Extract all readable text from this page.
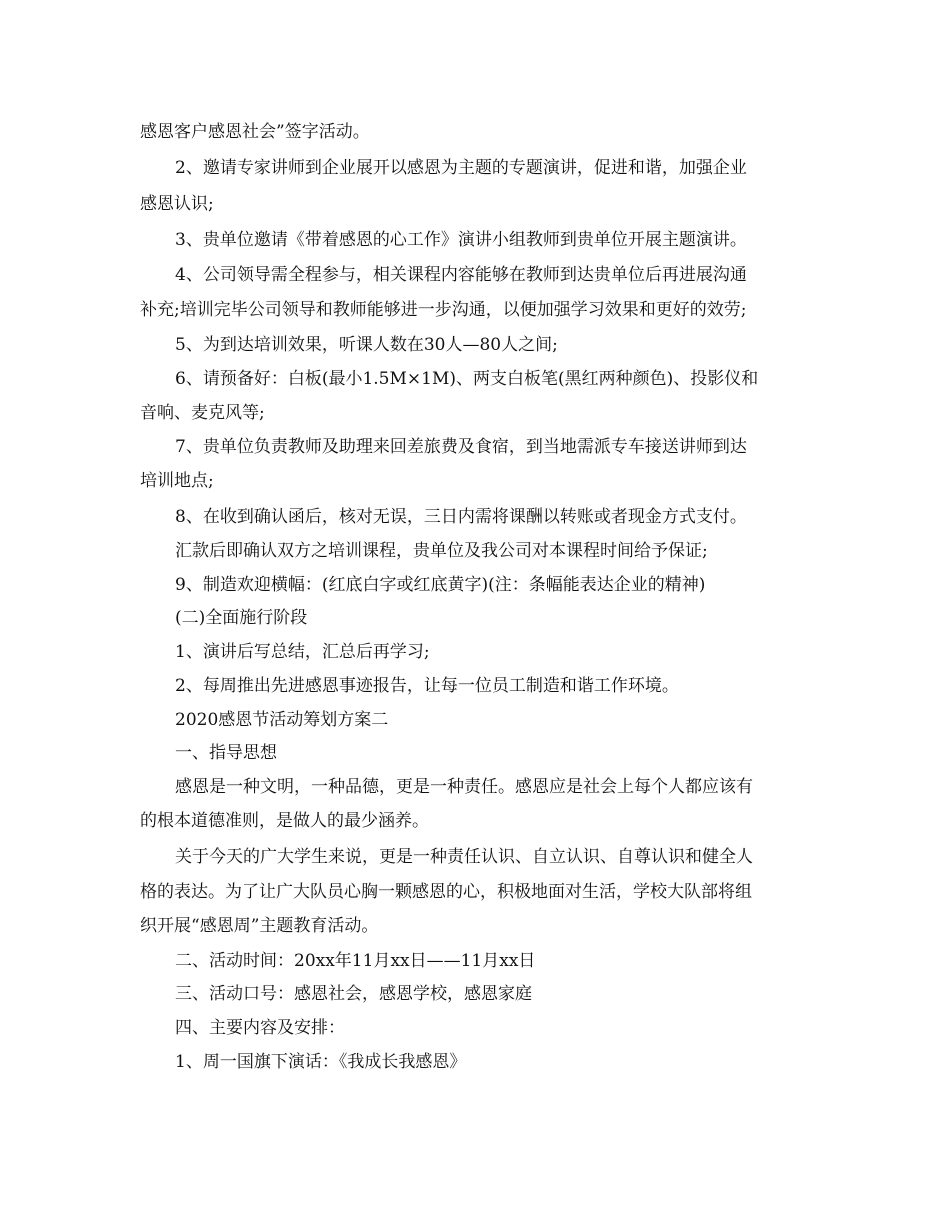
感恩客户感恩社会”签字活动。
2、邀请专家讲师到企业展开以感恩为主题的专题演讲，促进和谐，加强企业
感恩认识;
3、贵单位邀请《带着感恩的心工作》演讲小组教师到贵单位开展主题演讲。
4、公司领导需全程参与，相关课程内容能够在教师到达贵单位后再进展沟通
补充;培训完毕公司领导和教师能够进一步沟通，以便加强学习效果和更好的效劳;
5、为到达培训效果，听课人数在30人—80人之间;
6、请预备好：白板(最小1.5M×1M)、两支白板笔(黑红两种颜色)、投影仪和
音响、麦克风等;
7、贵单位负责教师及助理来回差旅费及食宿，到当地需派专车接送讲师到达
培训地点;
8、在收到确认函后，核对无误，三日内需将课酬以转账或者现金方式支付。
汇款后即确认双方之培训课程，贵单位及我公司对本课程时间给予保证;
9、制造欢迎横幅：(红底白字或红底黄字)(注：条幅能表达企业的精神)
(二)全面施行阶段
1、演讲后写总结，汇总后再学习;
2、每周推出先进感恩事迹报告，让每一位员工制造和谐工作环境。
2020感恩节活动筹划方案二
一、指导思想
感恩是一种文明，一种品德，更是一种责任。感恩应是社会上每个人都应该有
的根本道德准则，是做人的最少涵养。
关于今天的广大学生来说，更是一种责任认识、自立认识、自尊认识和健全人
格的表达。为了让广大队员心胸一颗感恩的心，积极地面对生活，学校大队部将组
织开展“感恩周”主题教育活动。
二、活动时间：20xx年11月xx日——11月xx日
三、活动口号：感恩社会，感恩学校，感恩家庭
四、主要内容及安排：
1、周一国旗下演话：《我成长我感恩》
